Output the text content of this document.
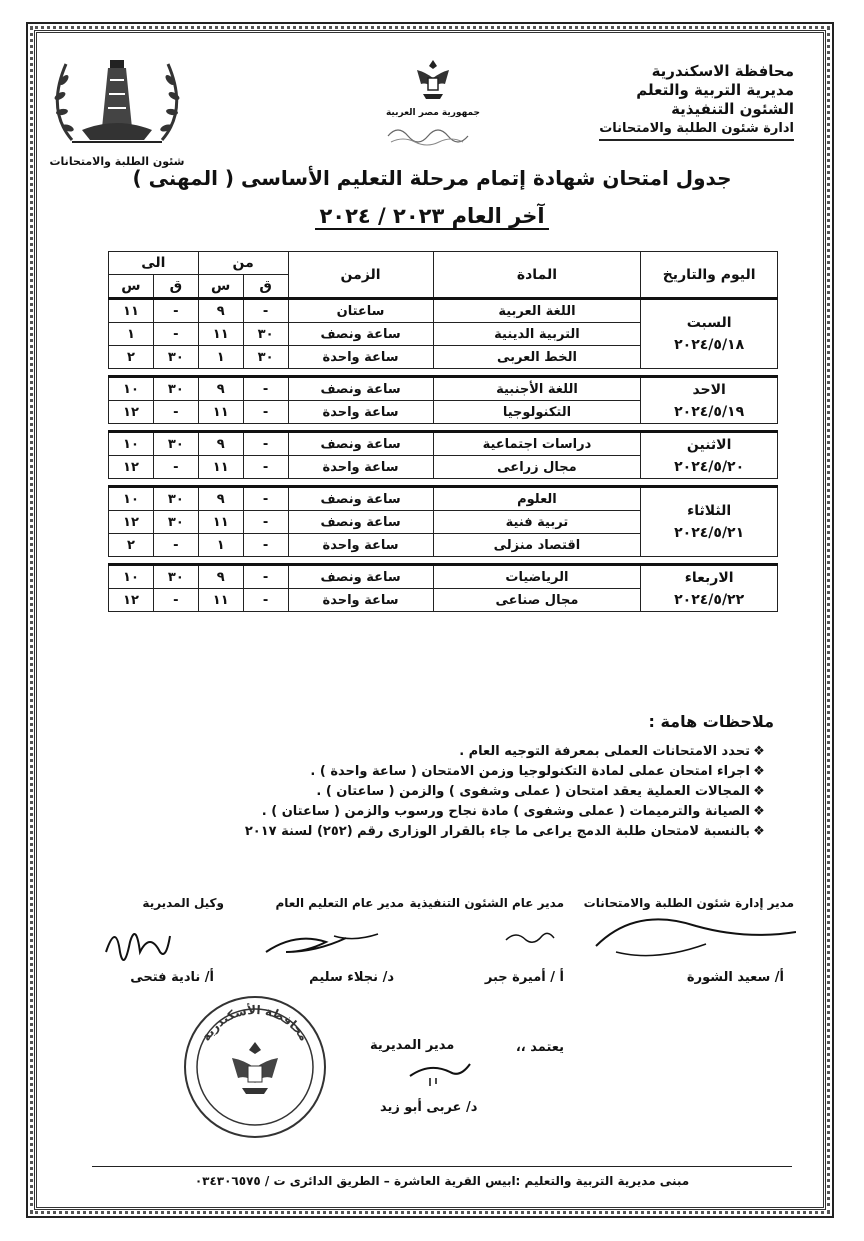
محافظة الاسكندرية
مديرية التربية والتعلم
الشئون التنفيذية
ادارة شئون الطلبة والامتحانات
جمهورية مصر العربية
شئون الطلبة والامتحانات
جدول امتحان شهادة إتمام مرحلة التعليم الأساسى ( المهنى )
آخر العام ٢٠٢٣ / ٢٠٢٤
اليوم والتاريخ	المادة	الزمن	من		الى	
			ق	س	ق	س

السبت
٢٠٢٤/٥/١٨	اللغة العربية	ساعتان	-	٩	-	١١
	التربية الدينية	ساعة ونصف	٣٠	١١	-	١
	الخط العربى	ساعة واحدة	٣٠	١	٣٠	٢

الاحد
٢٠٢٤/٥/١٩	اللغة الأجنبية	ساعة ونصف	-	٩	٣٠	١٠
	التكنولوجيا	ساعة واحدة	-	١١	-	١٢

الاثنين
٢٠٢٤/٥/٢٠	دراسات اجتماعية	ساعة ونصف	-	٩	٣٠	١٠
	مجال زراعى	ساعة واحدة	-	١١	-	١٢

الثلاثاء
٢٠٢٤/٥/٢١	العلوم	ساعة ونصف	-	٩	٣٠	١٠
	تربية فنية	ساعة ونصف	-	١١	٣٠	١٢
	اقتصاد منزلى	ساعة واحدة	-	١	-	٢

الاربعاء
٢٠٢٤/٥/٢٢	الرياضيات	ساعة ونصف	-	٩	٣٠	١٠
	مجال صناعى	ساعة واحدة	-	١١	-	١٢
ملاحظات هامة :
❖تحدد الامتحانات العملى بمعرفة التوجيه العام .
❖اجراء امتحان عملى لمادة التكنولوجيا وزمن الامتحان ( ساعة واحدة ) .
❖المجالات العملية يعقد امتحان ( عملى وشفوى ) والزمن ( ساعتان ) .
❖الصيانة والترميمات ( عملى وشفوى ) مادة نجاح ورسوب والزمن ( ساعتان ) .
❖بالنسبة لامتحان طلبة الدمج يراعى ما جاء بالقرار الوزارى رقم (٢٥٢) لسنة ٢٠١٧
مدير إدارة شئون الطلبة والامتحانات
مدير عام الشئون التنفيذية
مدير عام التعليم العام
وكيل المديرية
أ/ سعيد الشورة
أ / أميرة جبر
د/ نجلاء سليم
أ/ نادية فتحى
محافظة الأسكندرية
يعتمد ،،
مدير المديرية
د/ عربى أبو زيد
مبنى مديرية التربية والتعليم :ابيس القرية العاشرة – الطريق الدائرى ت / ٠٣٤٣٠٦٥٧٥
